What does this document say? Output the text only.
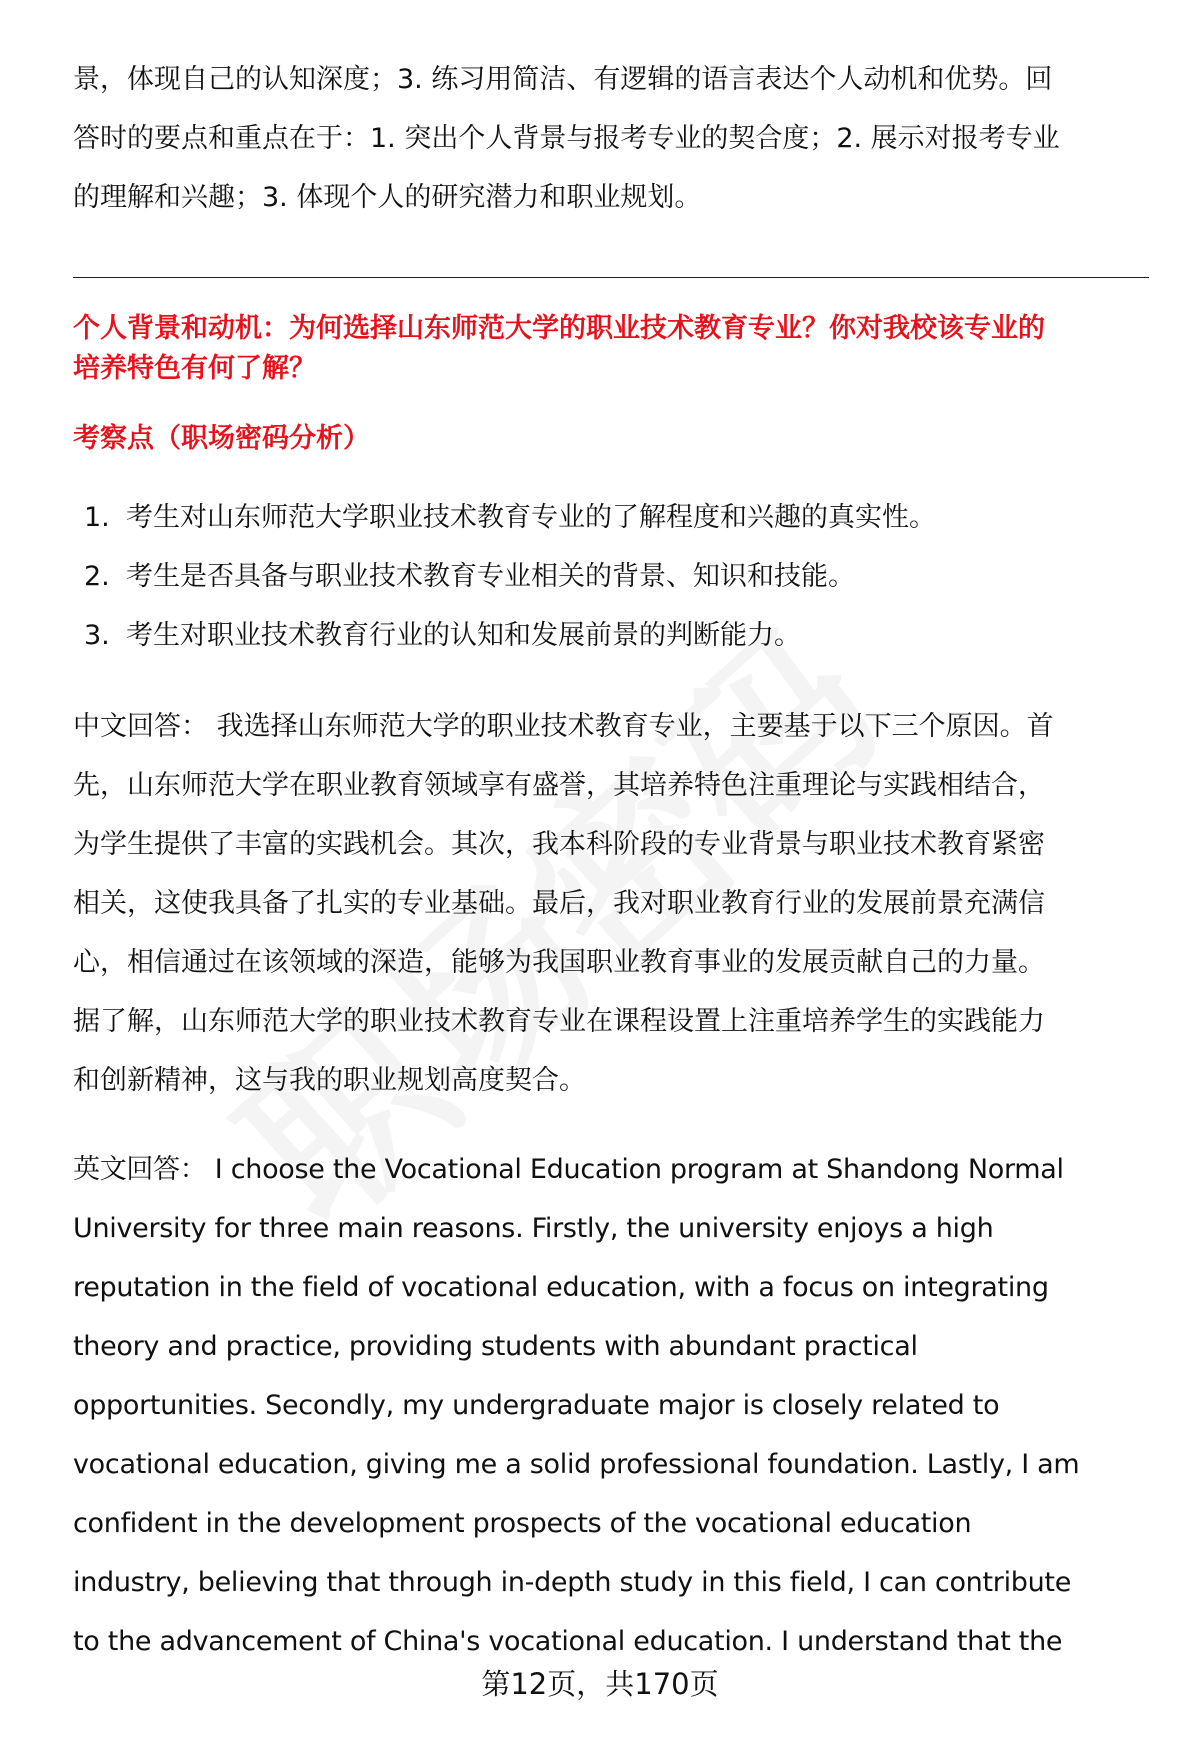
景，体现自己的认知深度；3. 练习用简洁、有逻辑的语言表达个人动机和优势。回
答时的要点和重点在于：1. 突出个人背景与报考专业的契合度；2. 展示对报考专业
的理解和兴趣；3. 体现个人的研究潜力和职业规划。
个人背景和动机：为何选择山东师范大学的职业技术教育专业？你对我校该专业的
培养特色有何了解？
考察点（职场密码分析）
1. 考生对山东师范大学职业技术教育专业的了解程度和兴趣的真实性。
2. 考生是否具备与职业技术教育专业相关的背景、知识和技能。
3. 考生对职业技术教育行业的认知和发展前景的判断能力。
中文回答： 我选择山东师范大学的职业技术教育专业，主要基于以下三个原因。首
先，山东师范大学在职业教育领域享有盛誉，其培养特色注重理论与实践相结合，
为学生提供了丰富的实践机会。其次，我本科阶段的专业背景与职业技术教育紧密
相关，这使我具备了扎实的专业基础。最后，我对职业教育行业的发展前景充满信
心，相信通过在该领域的深造，能够为我国职业教育事业的发展贡献自己的力量。
据了解，山东师范大学的职业技术教育专业在课程设置上注重培养学生的实践能力
和创新精神，这与我的职业规划高度契合。
英文回答： I choose the Vocational Education program at Shandong Normal
University for three main reasons. Firstly, the university enjoys a high
reputation in the field of vocational education, with a focus on integrating
theory and practice, providing students with abundant practical
opportunities. Secondly, my undergraduate major is closely related to
vocational education, giving me a solid professional foundation. Lastly, I am
confident in the development prospects of the vocational education
industry, believing that through in-depth study in this field, I can contribute
to the advancement of China's vocational education. I understand that the
第12页，共170页
